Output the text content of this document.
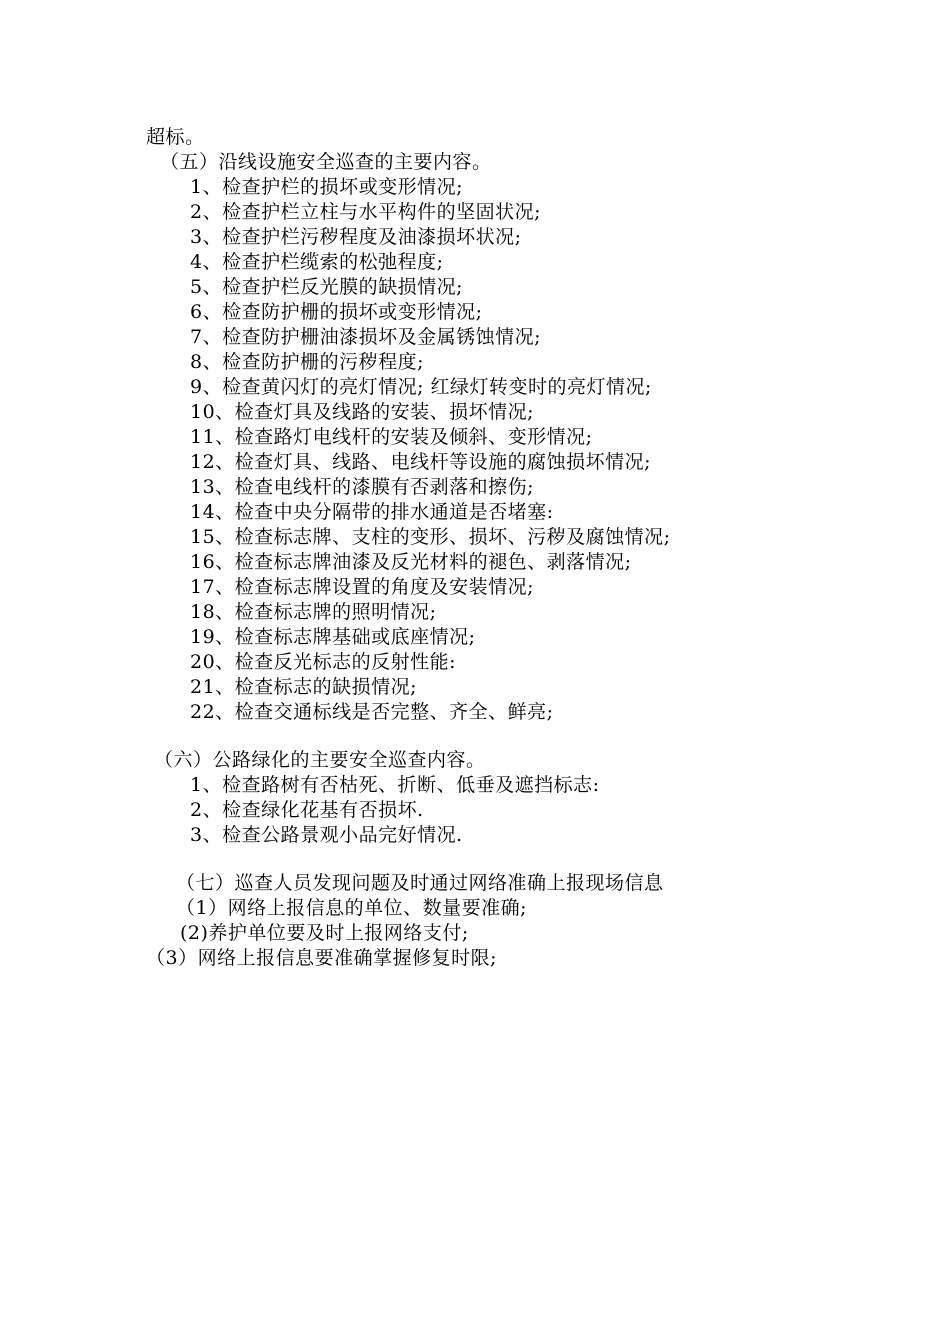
超标。
（五）沿线设施安全巡查的主要内容。
1、检查护栏的损坏或变形情况;
2、检查护栏立柱与水平构件的坚固状况;
3、检查护栏污秽程度及油漆损坏状况;
4、检查护栏缆索的松弛程度;
5、检查护栏反光膜的缺损情况;
6、检查防护栅的损坏或变形情况;
7、检查防护栅油漆损坏及金属锈蚀情况;
8、检查防护栅的污秽程度;
9、检查黄闪灯的亮灯情况; 红绿灯转变时的亮灯情况;
10、检查灯具及线路的安装、损坏情况;
11、检查路灯电线杆的安装及倾斜、变形情况;
12、检查灯具、线路、电线杆等设施的腐蚀损坏情况;
13、检查电线杆的漆膜有否剥落和擦伤;
14、检查中央分隔带的排水通道是否堵塞:
15、检查标志牌、支柱的变形、损坏、污秽及腐蚀情况;
16、检查标志牌油漆及反光材料的褪色、剥落情况;
17、检查标志牌设置的角度及安装情况;
18、检查标志牌的照明情况;
19、检查标志牌基础或底座情况;
20、检查反光标志的反射性能:
21、检查标志的缺损情况;
22、检查交通标线是否完整、齐全、鲜亮;
（六）公路绿化的主要安全巡查内容。
1、检查路树有否枯死、折断、低垂及遮挡标志:
2、检查绿化花基有否损坏.
3、检查公路景观小品完好情况.
（七）巡查人员发现问题及时通过网络准确上报现场信息
（1）网络上报信息的单位、数量要准确;
(2)养护单位要及时上报网络支付;
（3）网络上报信息要准确掌握修复时限;
